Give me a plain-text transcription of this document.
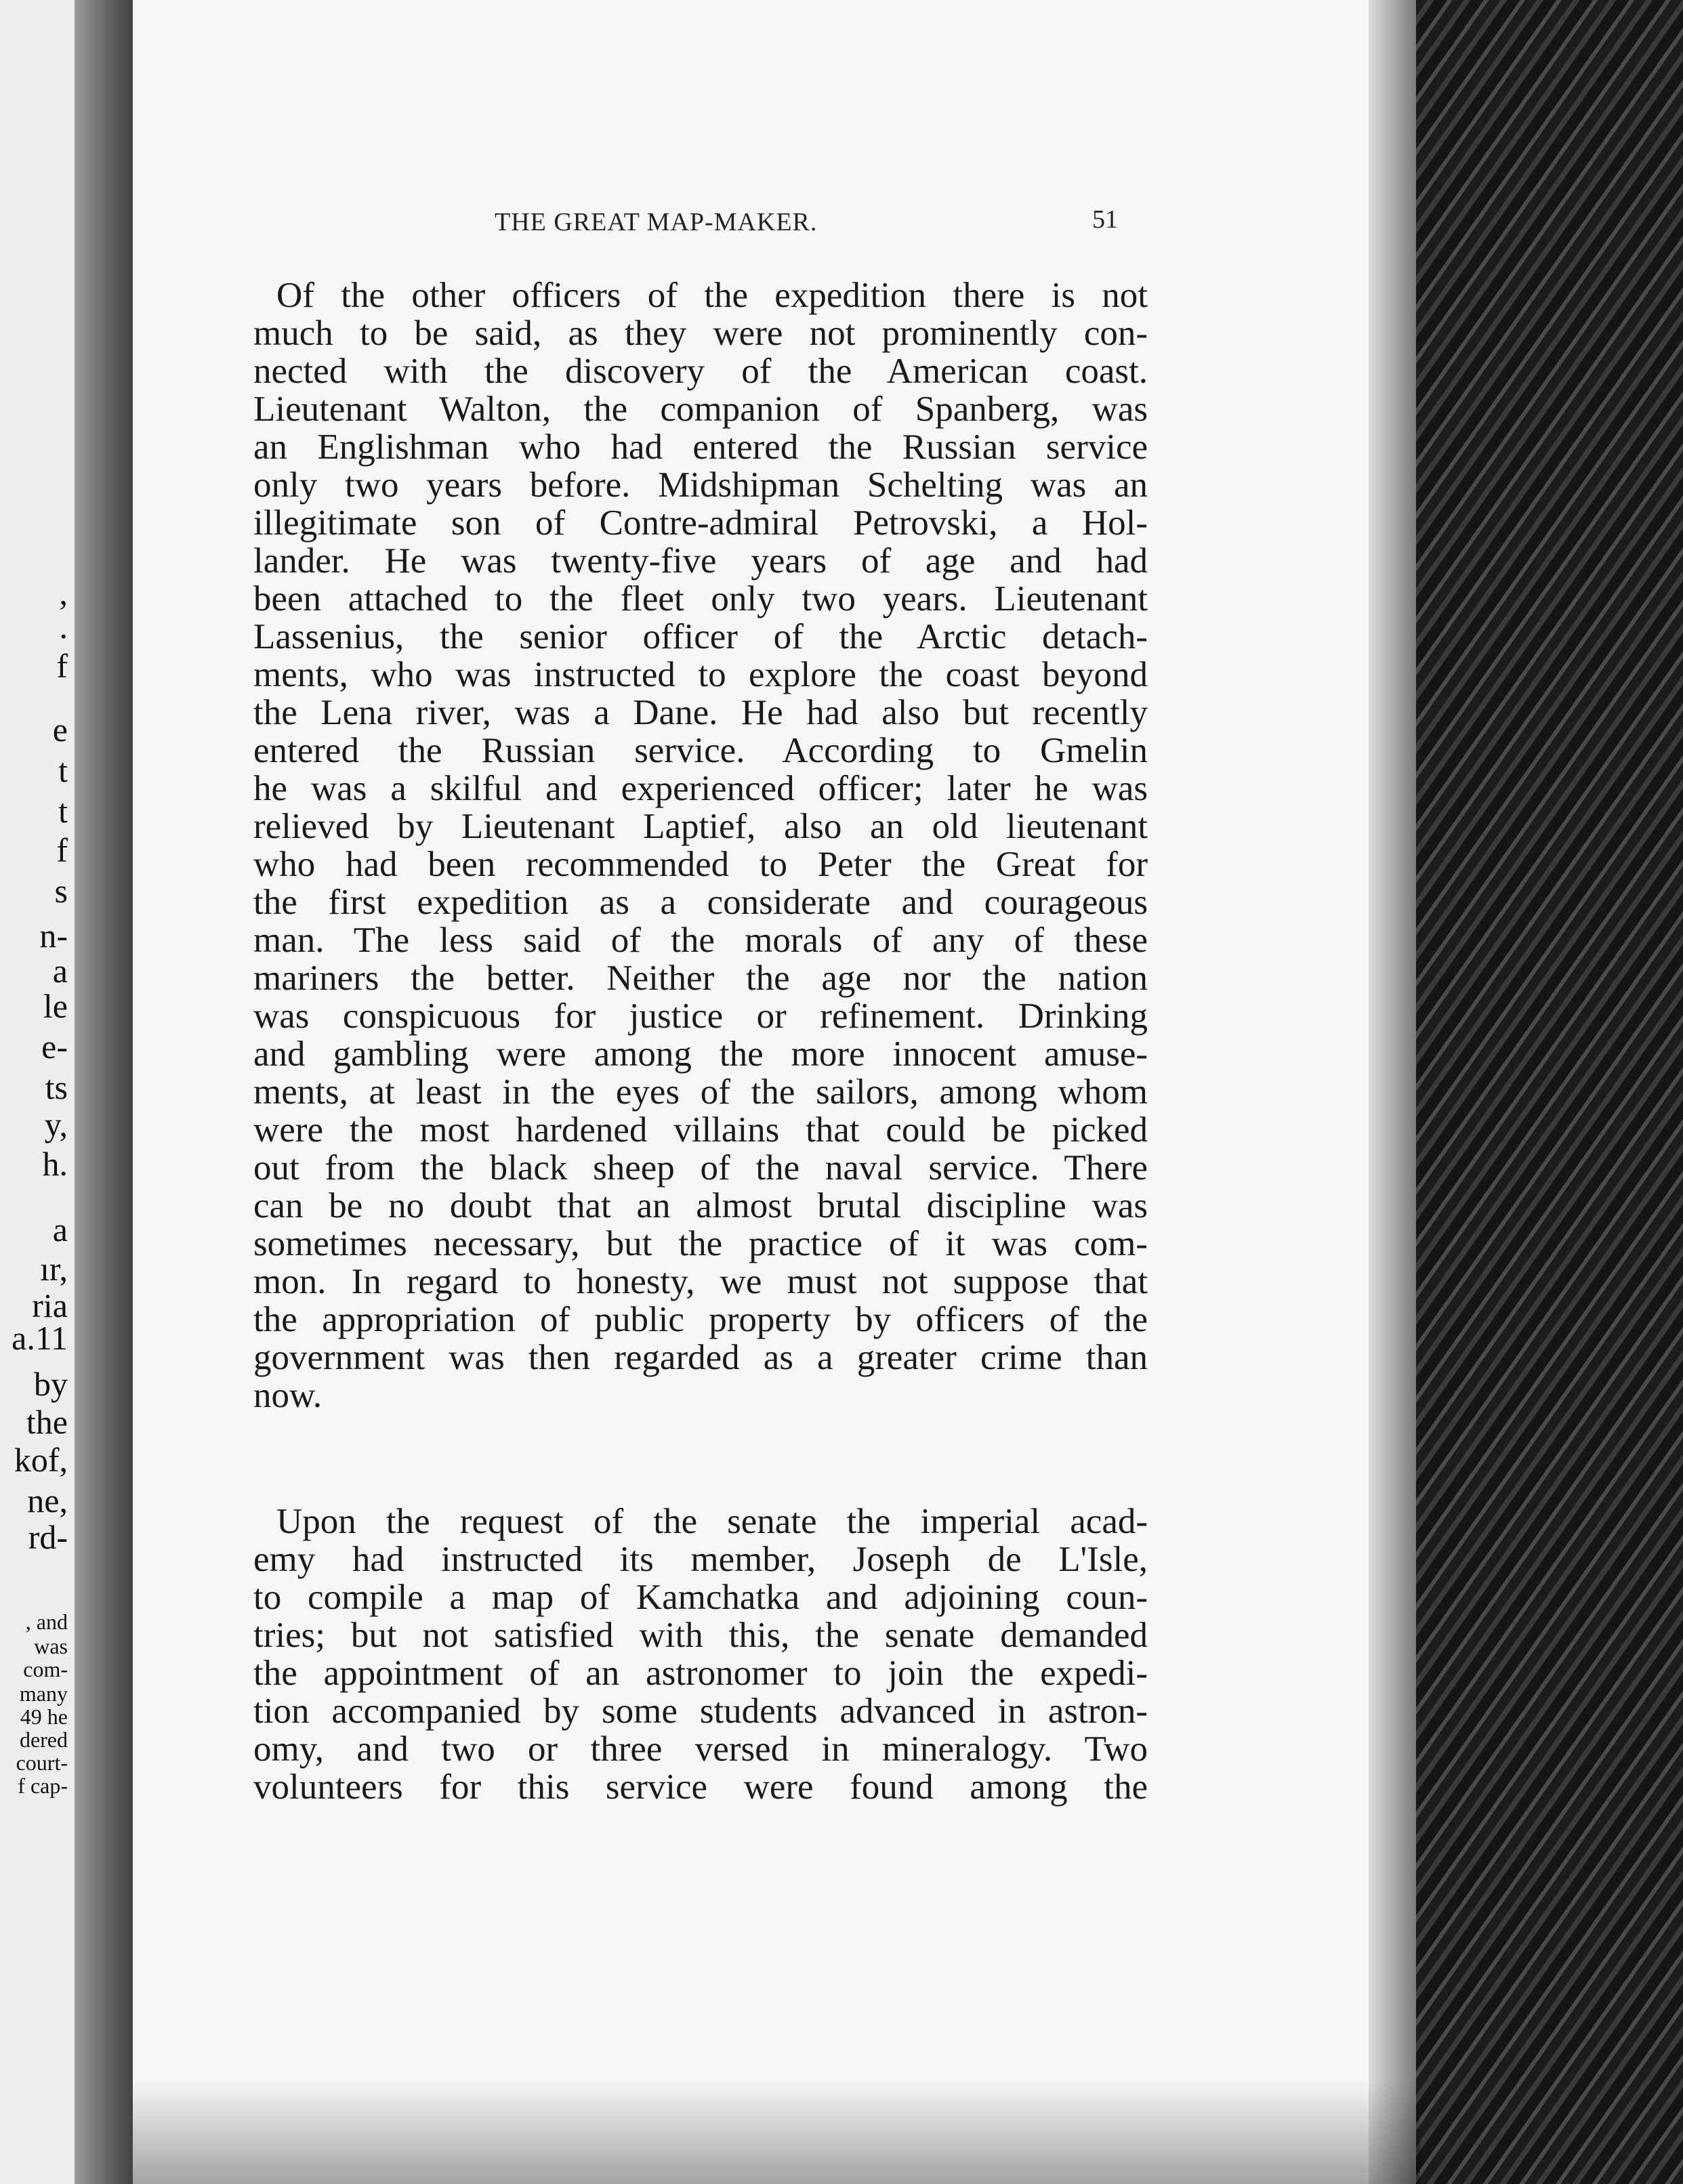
,
.
f
e
t
t
f
s
n-
a
le
e-
ts
y,
h.
a
ır,
ria
a.11
by
the
kof,
ne,
rd-
, and
was
com-
many
49 he
dered
court-
f cap-
THE GREAT MAP-MAKER.	51
Of the other officers of the expedition there is not
much to be said, as they were not prominently con-
nected with the discovery of the American coast.
Lieutenant Walton, the companion of Spanberg, was
an Englishman who had entered the Russian service
only two years before. Midshipman Schelting was an
illegitimate son of Contre-admiral Petrovski, a Hol-
lander. He was twenty-five years of age and had
been attached to the fleet only two years. Lieutenant
Lassenius, the senior officer of the Arctic detach-
ments, who was instructed to explore the coast beyond
the Lena river, was a Dane. He had also but recently
entered the Russian service. According to Gmelin
he was a skilful and experienced officer; later he was
relieved by Lieutenant Laptief, also an old lieutenant
who had been recommended to Peter the Great for
the first expedition as a considerate and courageous
man. The less said of the morals of any of these
mariners the better. Neither the age nor the nation
was conspicuous for justice or refinement. Drinking
and gambling were among the more innocent amuse-
ments, at least in the eyes of the sailors, among whom
were the most hardened villains that could be picked
out from the black sheep of the naval service. There
can be no doubt that an almost brutal discipline was
sometimes necessary, but the practice of it was com-
mon. In regard to honesty, we must not suppose that
the appropriation of public property by officers of the
government was then regarded as a greater crime than
now.
Upon the request of the senate the imperial acad-
emy had instructed its member, Joseph de L'Isle,
to compile a map of Kamchatka and adjoining coun-
tries; but not satisfied with this, the senate demanded
the appointment of an astronomer to join the expedi-
tion accompanied by some students advanced in astron-
omy, and two or three versed in mineralogy. Two
volunteers for this service were found among the
